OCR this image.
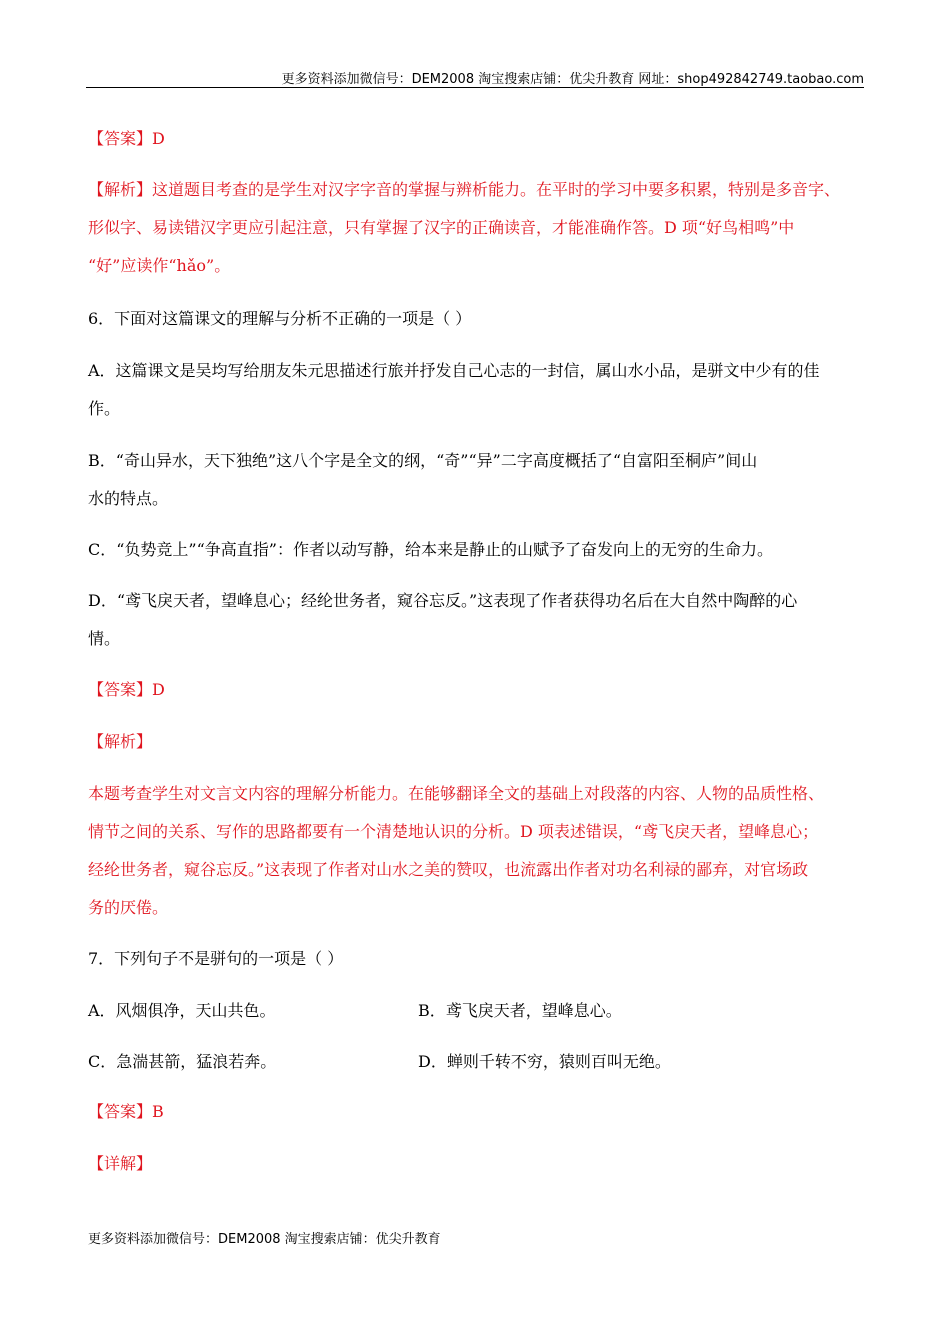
更多资料添加微信号：DEM2008 淘宝搜索店铺：优尖升教育 网址：shop492842749.taobao.com
【答案】D
【解析】这道题目考查的是学生对汉字字音的掌握与辨析能力。在平时的学习中要多积累，特别是多音字、
形似字、易读错汉字更应引起注意，只有掌握了汉字的正确读音，才能准确作答。D 项“好鸟相鸣”中
“好”应读作“hǎo”。
6．下面对这篇课文的理解与分析不正确的一项是（ ）
A．这篇课文是吴均写给朋友朱元思描述行旅并抒发自己心志的一封信，属山水小品，是骈文中少有的佳
作。
B．“奇山异水，天下独绝”这八个字是全文的纲，“奇”“异”二字高度概括了“自富阳至桐庐”间山
水的特点。
C．“负势竞上”“争高直指”：作者以动写静，给本来是静止的山赋予了奋发向上的无穷的生命力。
D．“鸢飞戾天者，望峰息心；经纶世务者，窥谷忘反。”这表现了作者获得功名后在大自然中陶醉的心
情。
【答案】D
【解析】
本题考查学生对文言文内容的理解分析能力。在能够翻译全文的基础上对段落的内容、人物的品质性格、
情节之间的关系、写作的思路都要有一个清楚地认识的分析。D 项表述错误，“鸢飞戾天者，望峰息心；
经纶世务者，窥谷忘反。”这表现了作者对山水之美的赞叹，也流露出作者对功名利禄的鄙弃，对官场政
务的厌倦。
7．下列句子不是骈句的一项是（ ）
A．风烟俱净，天山共色。	B．鸢飞戾天者，望峰息心。
C．急湍甚箭，猛浪若奔。	D．蝉则千转不穷，猿则百叫无绝。
【答案】B
【详解】
更多资料添加微信号：DEM2008 淘宝搜索店铺：优尖升教育
